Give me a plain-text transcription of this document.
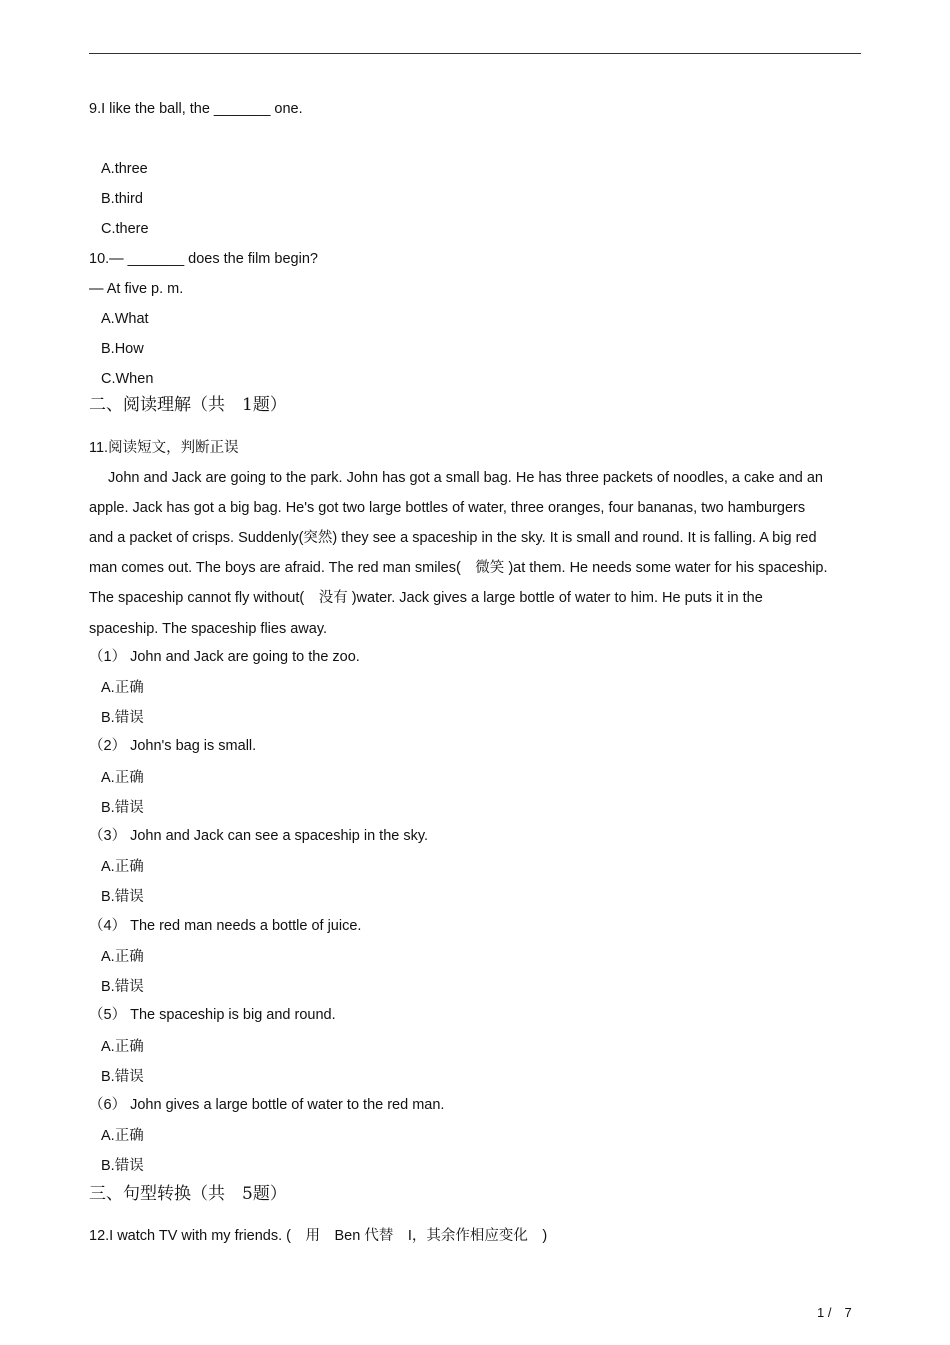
9.I like the ball, the _______ one.
A.three
B.third
C.there
10.— _______ does the film begin?
— At five p. m.
A.What
B.How
C.When
二、阅读理解（共　1题）
11.阅读短文，判断正误
John and Jack are going to the park. John has got a small bag. He has three packets of noodles, a cake and an
apple. Jack has got a big bag. He's got two large bottles of water, three oranges, four bananas, two hamburgers
and a packet of crisps. Suddenly(突然) they see a spaceship in the sky. It is small and round. It is falling. A big red
man comes out. The boys are afraid. The red man smiles(　微笑 )at them. He needs some water for his spaceship.
The spaceship cannot fly without(　没有 )water. Jack gives a large bottle of water to him. He puts it in the
spaceship. The spaceship flies away.
（1） John and Jack are going to the zoo.
A.正确
B.错误
（2） John's bag is small.
A.正确
B.错误
（3） John and Jack can see a spaceship in the sky.
A.正确
B.错误
（4） The red man needs a bottle of juice.
A.正确
B.错误
（5） The spaceship is big and round.
A.正确
B.错误
（6） John gives a large bottle of water to the red man.
A.正确
B.错误
三、句型转换（共　5题）
12.I watch TV with my friends. (　用　Ben 代替　I，其余作相应变化　)
1 /　7
